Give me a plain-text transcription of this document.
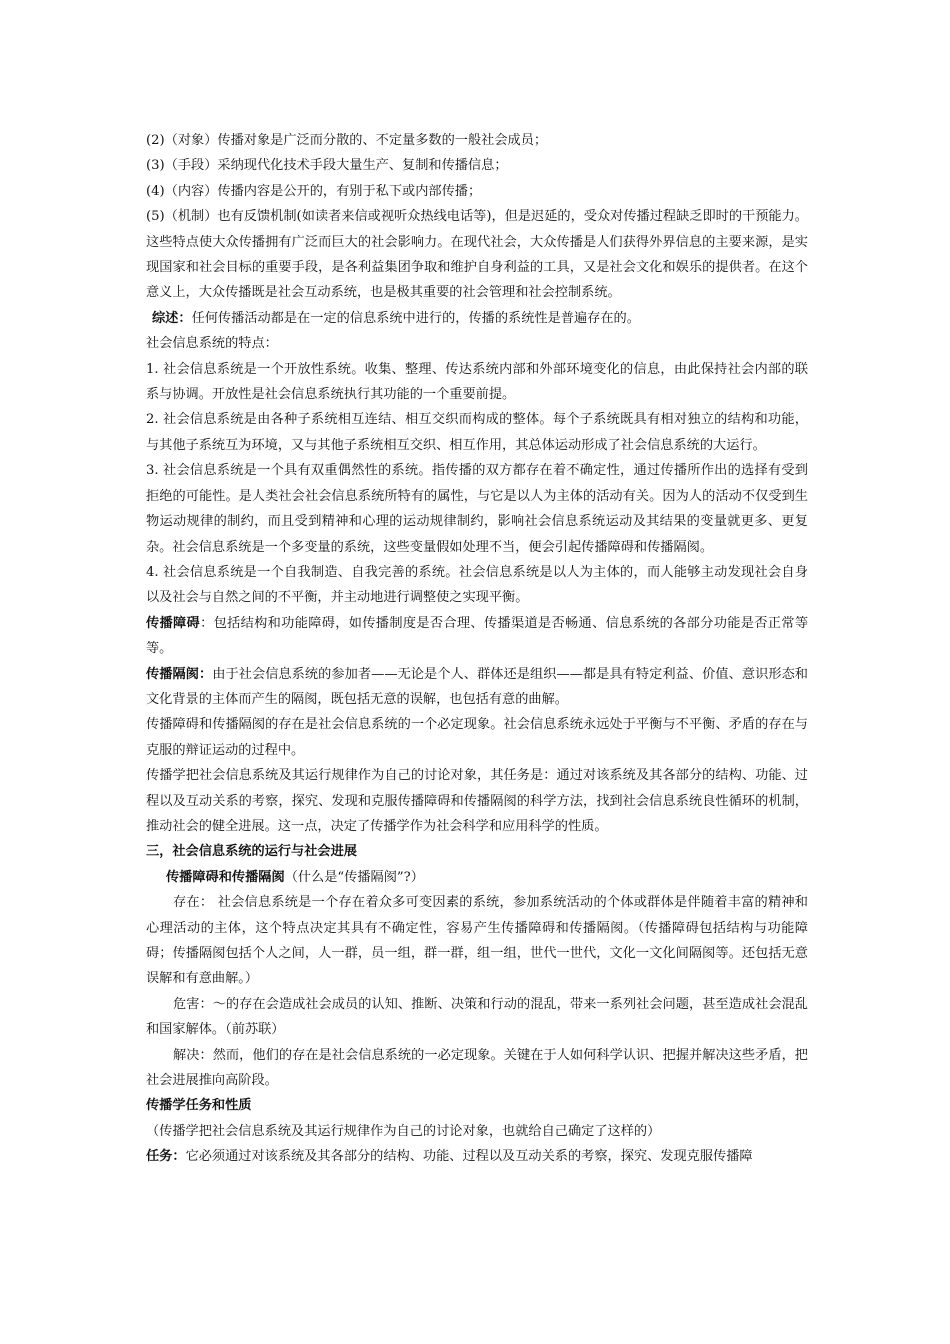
(2)（对象）传播对象是广泛而分散的、不定量多数的一般社会成员；

(3)（手段）采纳现代化技术手段大量生产、复制和传播信息；

(4)（内容）传播内容是公开的，有别于私下或内部传播；

(5)（机制）也有反馈机制(如读者来信或视听众热线电话等)，但是迟延的，受众对传播过程缺乏即时的干预能力。

这些特点使大众传播拥有广泛而巨大的社会影响力。在现代社会，大众传播是人们获得外界信息的主要来源，是实现国家和社会目标的重要手段，是各利益集团争取和维护自身利益的工具，又是社会文化和娱乐的提供者。在这个意义上，大众传播既是社会互动系统，也是极其重要的社会管理和社会控制系统。

综述：任何传播活动都是在一定的信息系统中进行的，传播的系统性是普遍存在的。

社会信息系统的特点：

1. 社会信息系统是一个开放性系统。收集、整理、传达系统内部和外部环境变化的信息，由此保持社会内部的联系与协调。开放性是社会信息系统执行其功能的一个重要前提。

2. 社会信息系统是由各种子系统相互连结、相互交织而构成的整体。每个子系统既具有相对独立的结构和功能，与其他子系统互为环境，又与其他子系统相互交织、相互作用，其总体运动形成了社会信息系统的大运行。

3. 社会信息系统是一个具有双重偶然性的系统。指传播的双方都存在着不确定性，通过传播所作出的选择有受到拒绝的可能性。是人类社会社会信息系统所特有的属性，与它是以人为主体的活动有关。因为人的活动不仅受到生物运动规律的制约，而且受到精神和心理的运动规律制约，影响社会信息系统运动及其结果的变量就更多、更复杂。社会信息系统是一个多变量的系统，这些变量假如处理不当，便会引起传播障碍和传播隔阂。

4. 社会信息系统是一个自我制造、自我完善的系统。社会信息系统是以人为主体的，而人能够主动发现社会自身以及社会与自然之间的不平衡，并主动地进行调整使之实现平衡。

传播障碍：包括结构和功能障碍，如传播制度是否合理、传播渠道是否畅通、信息系统的各部分功能是否正常等等。

传播隔阂：由于社会信息系统的参加者——无论是个人、群体还是组织——都是具有特定利益、价值、意识形态和文化背景的主体而产生的隔阂，既包括无意的误解，也包括有意的曲解。

传播障碍和传播隔阂的存在是社会信息系统的一个必定现象。社会信息系统永远处于平衡与不平衡、矛盾的存在与克服的辩证运动的过程中。

传播学把社会信息系统及其运行规律作为自己的讨论对象，其任务是：通过对该系统及其各部分的结构、功能、过程以及互动关系的考察，探究、发现和克服传播障碍和传播隔阂的科学方法，找到社会信息系统良性循环的机制，推动社会的健全进展。这一点，决定了传播学作为社会科学和应用科学的性质。

三，社会信息系统的运行与社会进展

传播障碍和传播隔阂（什么是“传播隔阂”?）

存在： 社会信息系统是一个存在着众多可变因素的系统，参加系统活动的个体或群体是伴随着丰富的精神和心理活动的主体，这个特点决定其具有不确定性，容易产生传播障碍和传播隔阂。（传播障碍包括结构与功能障碍；传播隔阂包括个人之间，人一群，员一组，群一群，组一组，世代一世代，文化一文化间隔阂等。还包括无意误解和有意曲解。）

危害：～的存在会造成社会成员的认知、推断、决策和行动的混乱，带来一系列社会问题，甚至造成社会混乱和国家解体。（前苏联）

解决：然而，他们的存在是社会信息系统的一必定现象。关键在于人如何科学认识、把握并解决这些矛盾，把社会进展推向高阶段。

传播学任务和性质

（传播学把社会信息系统及其运行规律作为自己的讨论对象，也就给自己确定了这样的）

任务：它必须通过对该系统及其各部分的结构、功能、过程以及互动关系的考察，探究、发现克服传播障
